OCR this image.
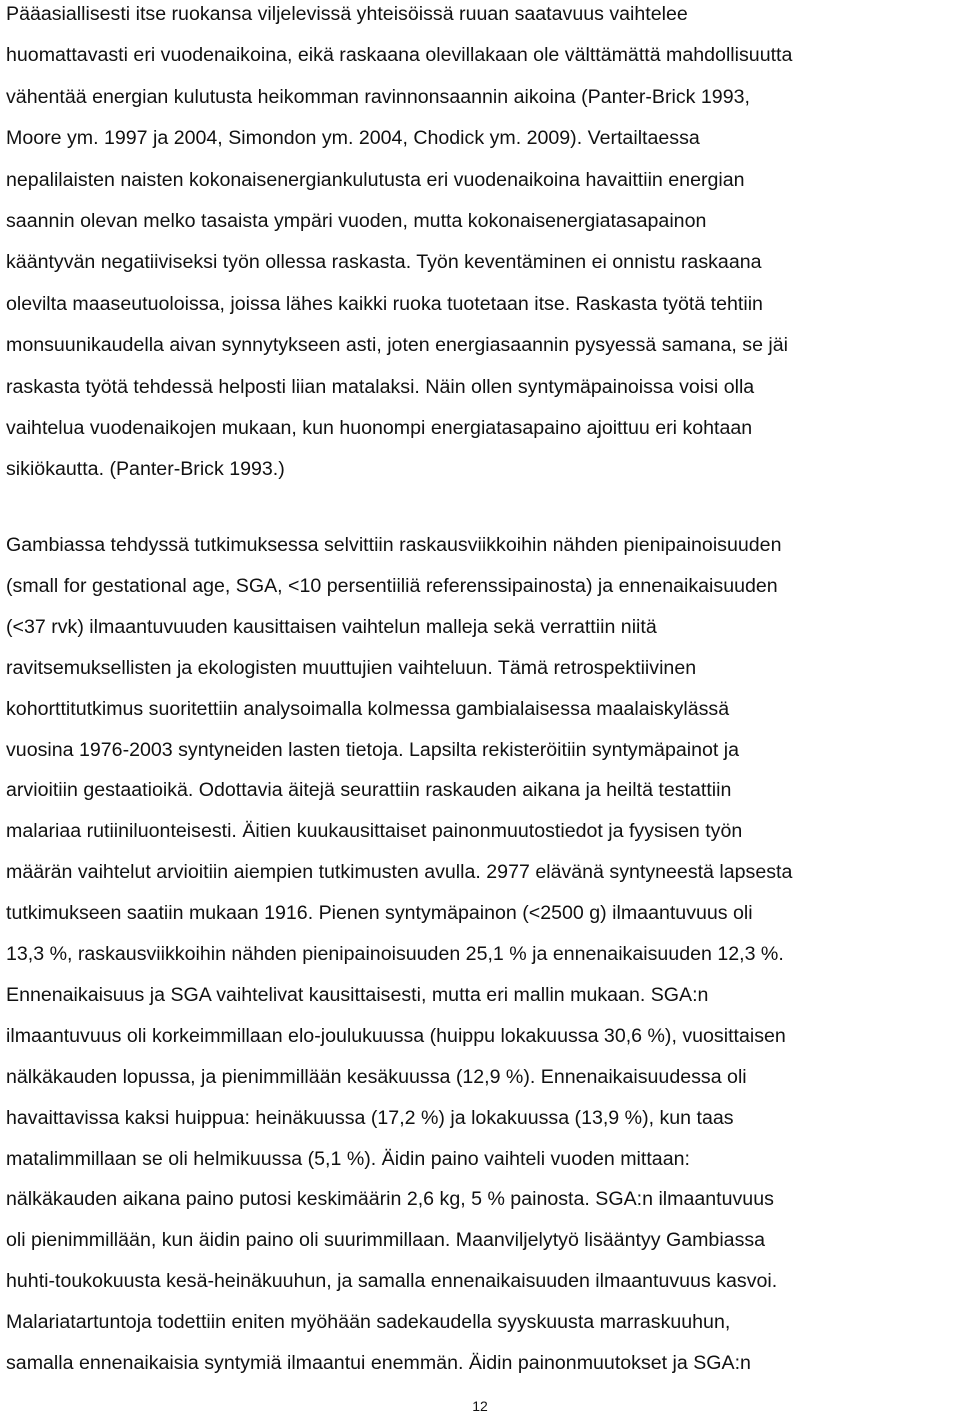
Pääasiallisesti itse ruokansa viljelevissä yhteisöissä ruuan saatavuus vaihtelee
huomattavasti eri vuodenaikoina, eikä raskaana olevillakaan ole välttämättä mahdollisuutta
vähentää energian kulutusta heikomman ravinnonsaannin aikoina (Panter-Brick 1993,
Moore ym. 1997 ja 2004, Simondon ym. 2004, Chodick ym. 2009). Vertailtaessa
nepalilaisten naisten kokonaisenergiankulutusta eri vuodenaikoina havaittiin energian
saannin olevan melko tasaista ympäri vuoden, mutta kokonaisenergiatasapainon
kääntyvän negatiiviseksi työn ollessa raskasta. Työn keventäminen ei onnistu raskaana
olevilta maaseutuoloissa, joissa lähes kaikki ruoka tuotetaan itse. Raskasta työtä tehtiin
monsuunikaudella aivan synnytykseen asti, joten energiasaannin pysyessä samana, se jäi
raskasta työtä tehdessä helposti liian matalaksi. Näin ollen syntymäpainoissa voisi olla
vaihtelua vuodenaikojen mukaan, kun huonompi energiatasapaino ajoittuu eri kohtaan
sikiökautta. (Panter-Brick 1993.)
Gambiassa tehdyssä tutkimuksessa selvittiin raskausviikkoihin nähden pienipainoisuuden
(small for gestational age, SGA, <10 persentiiliä referenssipainosta) ja ennenaikaisuuden
(<37 rvk) ilmaantuvuuden kausittaisen vaihtelun malleja sekä verrattiin niitä
ravitsemuksellisten ja ekologisten muuttujien vaihteluun. Tämä retrospektiivinen
kohorttitutkimus suoritettiin analysoimalla kolmessa gambialaisessa maalaiskylässä
vuosina 1976-2003 syntyneiden lasten tietoja. Lapsilta rekisteröitiin syntymäpainot ja
arvioitiin gestaatioikä. Odottavia äitejä seurattiin raskauden aikana ja heiltä testattiin
malariaa rutiiniluonteisesti. Äitien kuukausittaiset painonmuutostiedot ja fyysisen työn
määrän vaihtelut arvioitiin aiempien tutkimusten avulla. 2977 elävänä syntyneestä lapsesta
tutkimukseen saatiin mukaan 1916. Pienen syntymäpainon (<2500 g) ilmaantuvuus oli
13,3 %, raskausviikkoihin nähden pienipainoisuuden 25,1 % ja ennenaikaisuuden 12,3 %.
Ennenaikaisuus ja SGA vaihtelivat kausittaisesti, mutta eri mallin mukaan. SGA:n
ilmaantuvuus oli korkeimmillaan elo-joulukuussa (huippu lokakuussa 30,6 %), vuosittaisen
nälkäkauden lopussa, ja pienimmillään kesäkuussa (12,9 %). Ennenaikaisuudessa oli
havaittavissa kaksi huippua: heinäkuussa (17,2 %) ja lokakuussa (13,9 %), kun taas
matalimmillaan se oli helmikuussa (5,1 %). Äidin paino vaihteli vuoden mittaan:
nälkäkauden aikana paino putosi keskimäärin 2,6 kg, 5 % painosta. SGA:n ilmaantuvuus
oli pienimmillään, kun äidin paino oli suurimmillaan. Maanviljelytyö lisääntyy Gambiassa
huhti-toukokuusta kesä-heinäkuuhun, ja samalla ennenaikaisuuden ilmaantuvuus kasvoi.
Malariatartuntoja todettiin eniten myöhään sadekaudella syyskuusta marraskuuhun,
samalla ennenaikaisia syntymiä ilmaantui enemmän. Äidin painonmuutokset ja SGA:n
12
